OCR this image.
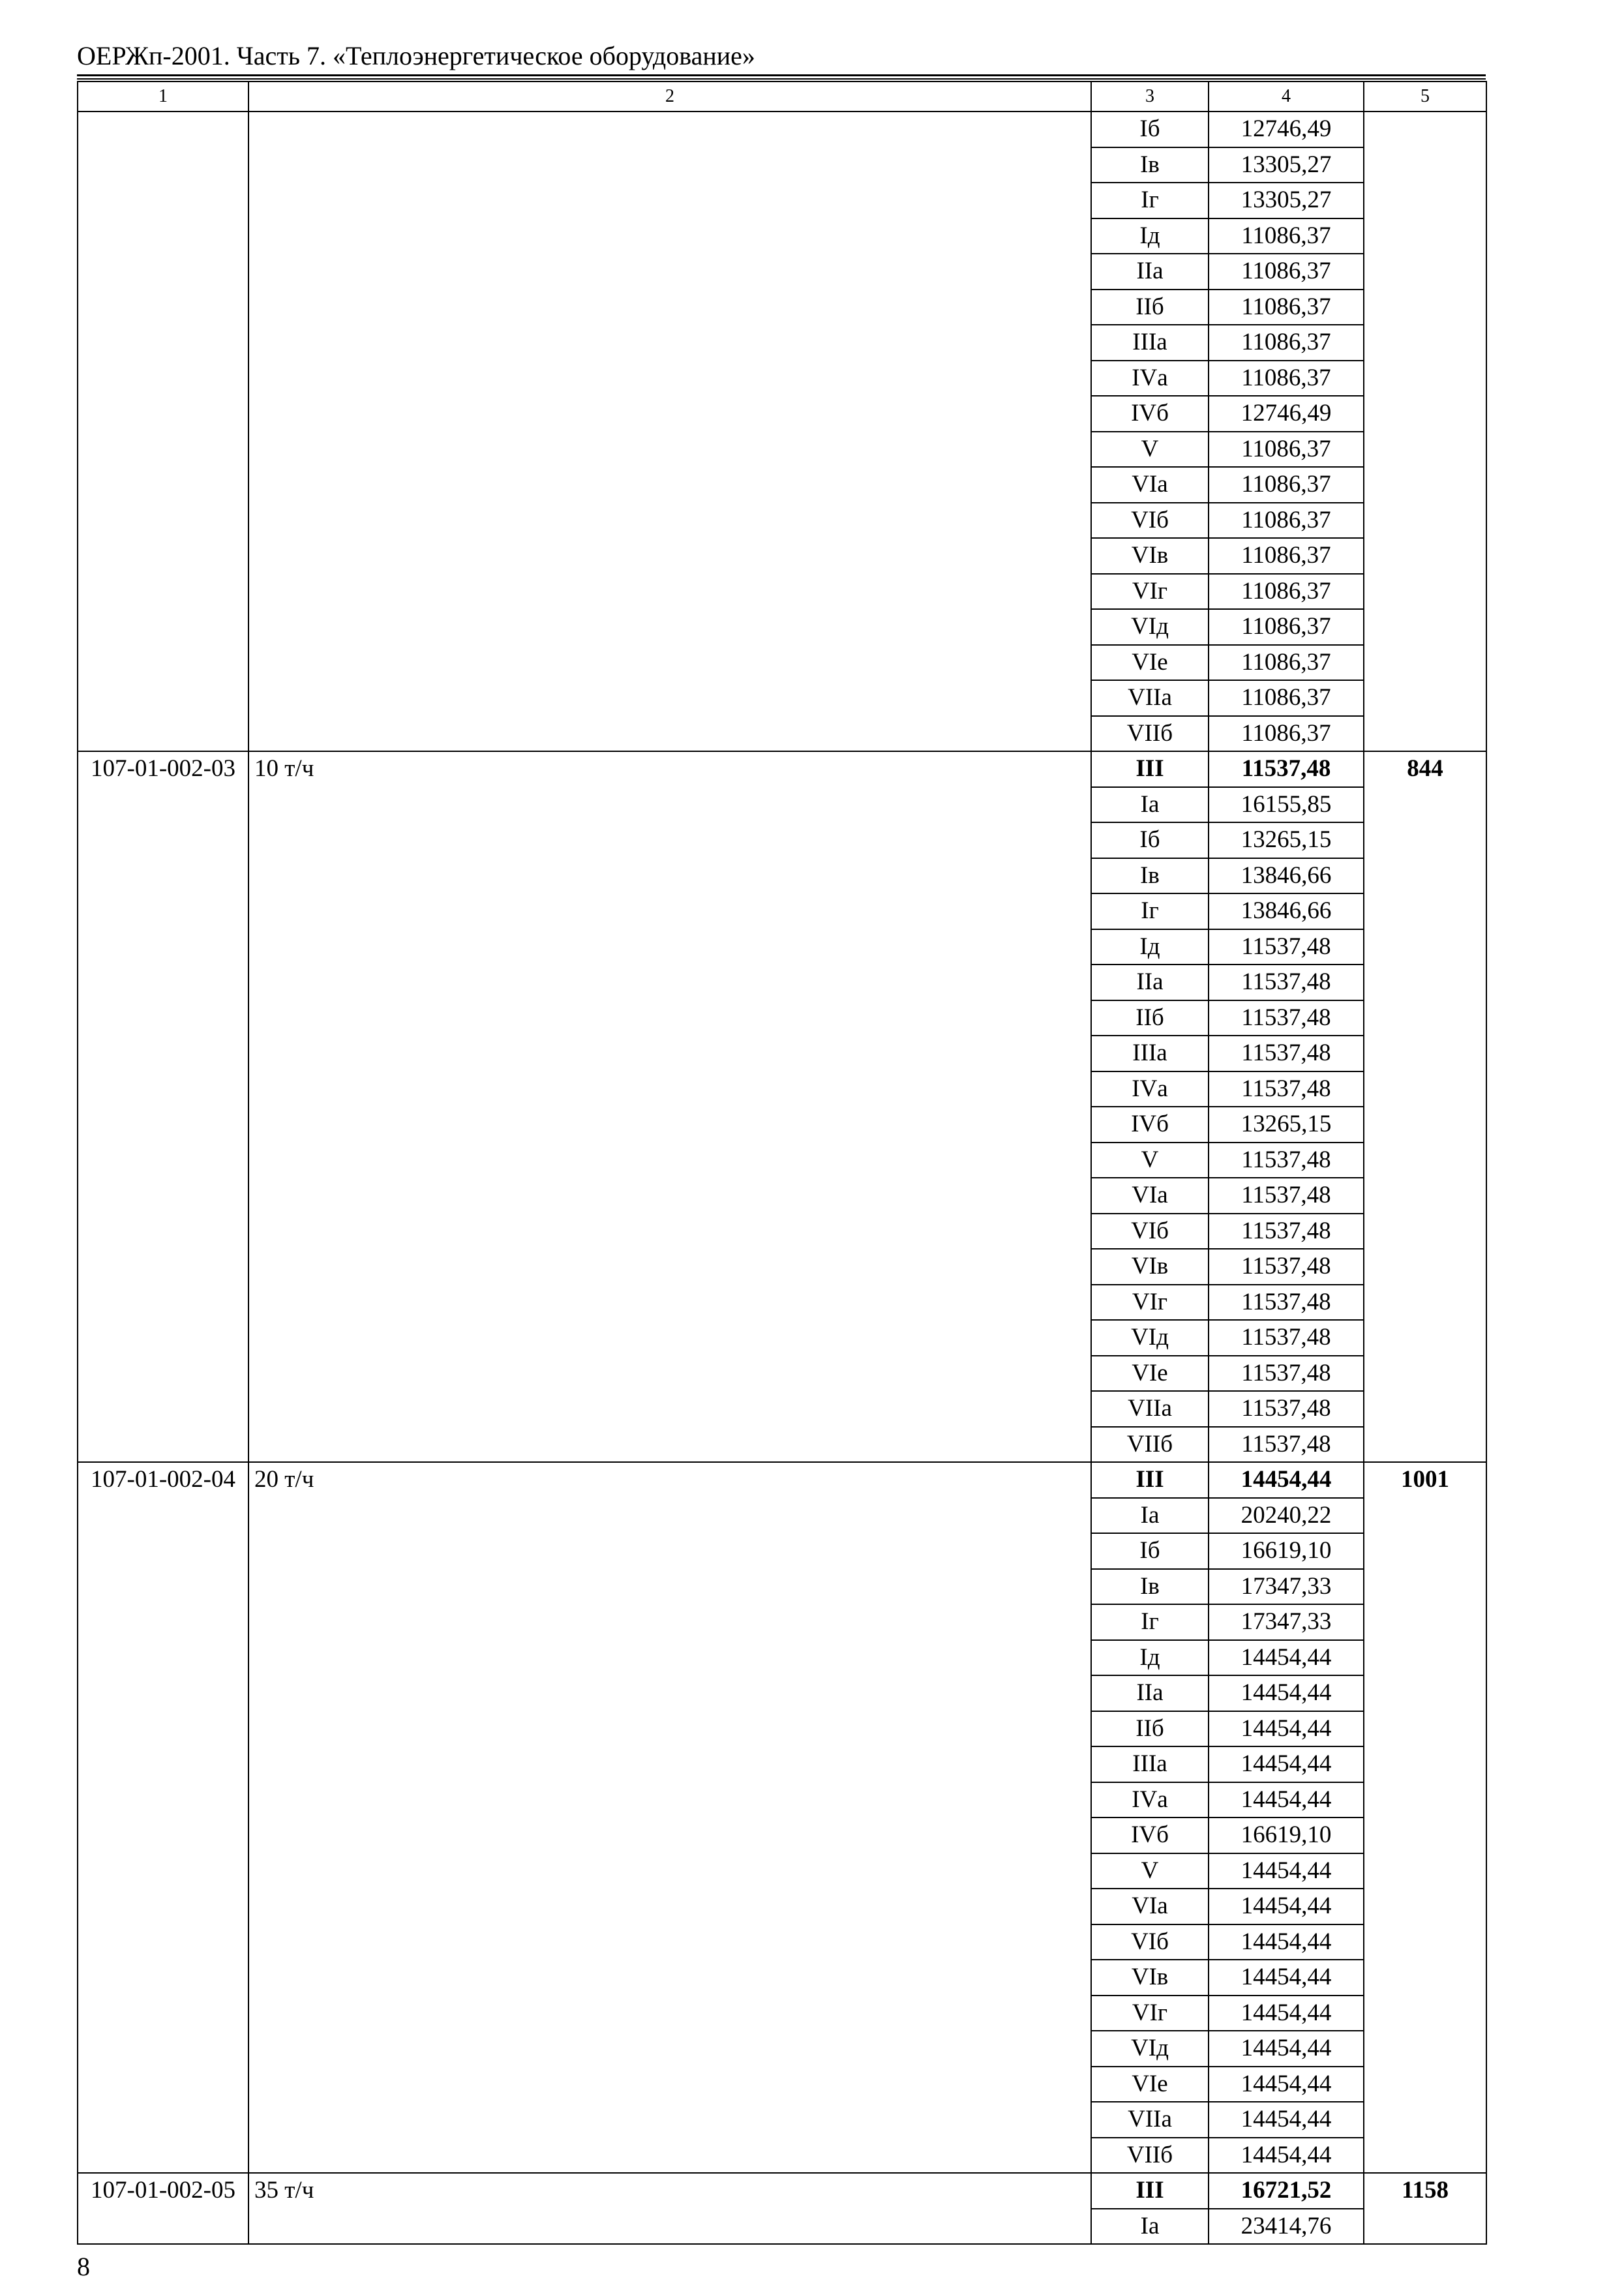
ОЕРЖп-2001. Часть 7. «Теплоэнергетическое оборудование»
1	2	3	4	5
		Iб	12746,49	
		Iв	13305,27	
		Iг	13305,27	
		Iд	11086,37	
		IIа	11086,37	
		IIб	11086,37	
		IIIа	11086,37	
		IVа	11086,37	
		IVб	12746,49	
		V	11086,37	
		VIа	11086,37	
		VIб	11086,37	
		VIв	11086,37	
		VIг	11086,37	
		VIд	11086,37	
		VIе	11086,37	
		VIIа	11086,37	
		VIIб	11086,37	
107-01-002-03	10 т/ч	III	11537,48	844
		Iа	16155,85	
		Iб	13265,15	
		Iв	13846,66	
		Iг	13846,66	
		Iд	11537,48	
		IIа	11537,48	
		IIб	11537,48	
		IIIа	11537,48	
		IVа	11537,48	
		IVб	13265,15	
		V	11537,48	
		VIа	11537,48	
		VIб	11537,48	
		VIв	11537,48	
		VIг	11537,48	
		VIд	11537,48	
		VIе	11537,48	
		VIIа	11537,48	
		VIIб	11537,48	
107-01-002-04	20 т/ч	III	14454,44	1001
		Iа	20240,22	
		Iб	16619,10	
		Iв	17347,33	
		Iг	17347,33	
		Iд	14454,44	
		IIа	14454,44	
		IIб	14454,44	
		IIIа	14454,44	
		IVа	14454,44	
		IVб	16619,10	
		V	14454,44	
		VIа	14454,44	
		VIб	14454,44	
		VIв	14454,44	
		VIг	14454,44	
		VIд	14454,44	
		VIе	14454,44	
		VIIа	14454,44	
		VIIб	14454,44	
107-01-002-05	35 т/ч	III	16721,52	1158
		Iа	23414,76	
8
